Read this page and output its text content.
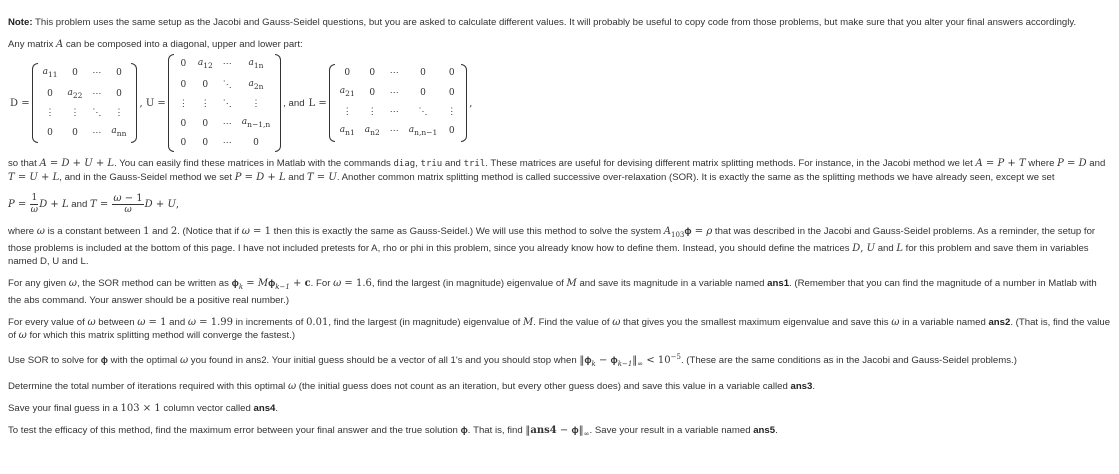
Note: This problem uses the same setup as the Jacobi and Gauss-Seidel questions, but you are asked to calculate different values. It will probably be useful to copy code from those problems, but make sure that you alter your final answers accordingly.

Any matrix A can be composed into a diagonal, upper and lower part:

D =
$a_{11}$	0	⋯	0
0	$a_{22}$	⋯	0
⋮	⋮	⋱	⋮
0	0	⋯	$a_{nn}$
, U =
0	$a_{12}$	⋯	$a_{1n}$
0	0	⋱	$a_{2n}$
⋮	⋮	⋱	⋮
0	0	⋯	$a_{n-1,n}$
0	0	⋯	0
, and L =
0	0	⋯	0	0
$a_{21}$	0	⋯	0	0
⋮	⋮	⋯	⋱	⋮
$a_{n1}$	$a_{n2}$	⋯	$a_{n,n-1}$	0
,

so that A = D + U + L. You can easily find these matrices in Matlab with the commands diag, triu and tril. These matrices are useful for devising different matrix splitting methods. For instance, in the Jacobi method we let A = P + T where P = D and T = U + L, and in the Gauss-Seidel method we set P = D + L and T = U. Another common matrix splitting method is called successive over-relaxation (SOR). It is exactly the same as the splitting methods we have already seen, except we set

$P = \frac{1}{\omega}$ D + L and $T = \frac{\omega - 1}{\omega}$ D + U,

where ω is a constant between 1 and 2. (Notice that if ω = 1 then this is exactly the same as Gauss-Seidel.) We will use this method to solve the system $A_{103}\phi = \rho$ that was described in the Jacobi and Gauss-Seidel problems. As a reminder, the setup for those problems is included at the bottom of this page. I have not included pretests for A, rho or phi in this problem, since you already know how to define them. Instead, you should define the matrices D, U and L for this problem and save them in variables named D, U and L.

For any given ω, the SOR method can be written as $\phi_k = M\phi_{k-1} + c$. For ω = 1.6, find the largest (in magnitude) eigenvalue of M and save its magnitude in a variable named ans1. (Remember that you can find the magnitude of a number in Matlab with the abs command. Your answer should be a positive real number.)

For every value of ω between ω = 1 and ω = 1.99 in increments of 0.01, find the largest (in magnitude) eigenvalue of M. Find the value of ω that gives you the smallest maximum eigenvalue and save this ω in a variable named ans2. (That is, find the value of ω for which this matrix splitting method will converge the fastest.)

Use SOR to solve for ϕ with the optimal ω you found in ans2. Your initial guess should be a vector of all 1's and you should stop when $‖\phi_k$ − $\phi_{k-1}‖_\infty < 10^{-5}$. (These are the same conditions as in the Jacobi and Gauss-Seidel problems.)

Determine the total number of iterations required with this optimal ω (the initial guess does not count as an iteration, but every other guess does) and save this value in a variable called ans3.

Save your final guess in a 103 × 1 column vector called ans4.

To test the efficacy of this method, find the maximum error between your final answer and the true solution ϕ. That is, find ‖ans4 − $\phi‖_\infty$. Save your result in a variable named ans5.
